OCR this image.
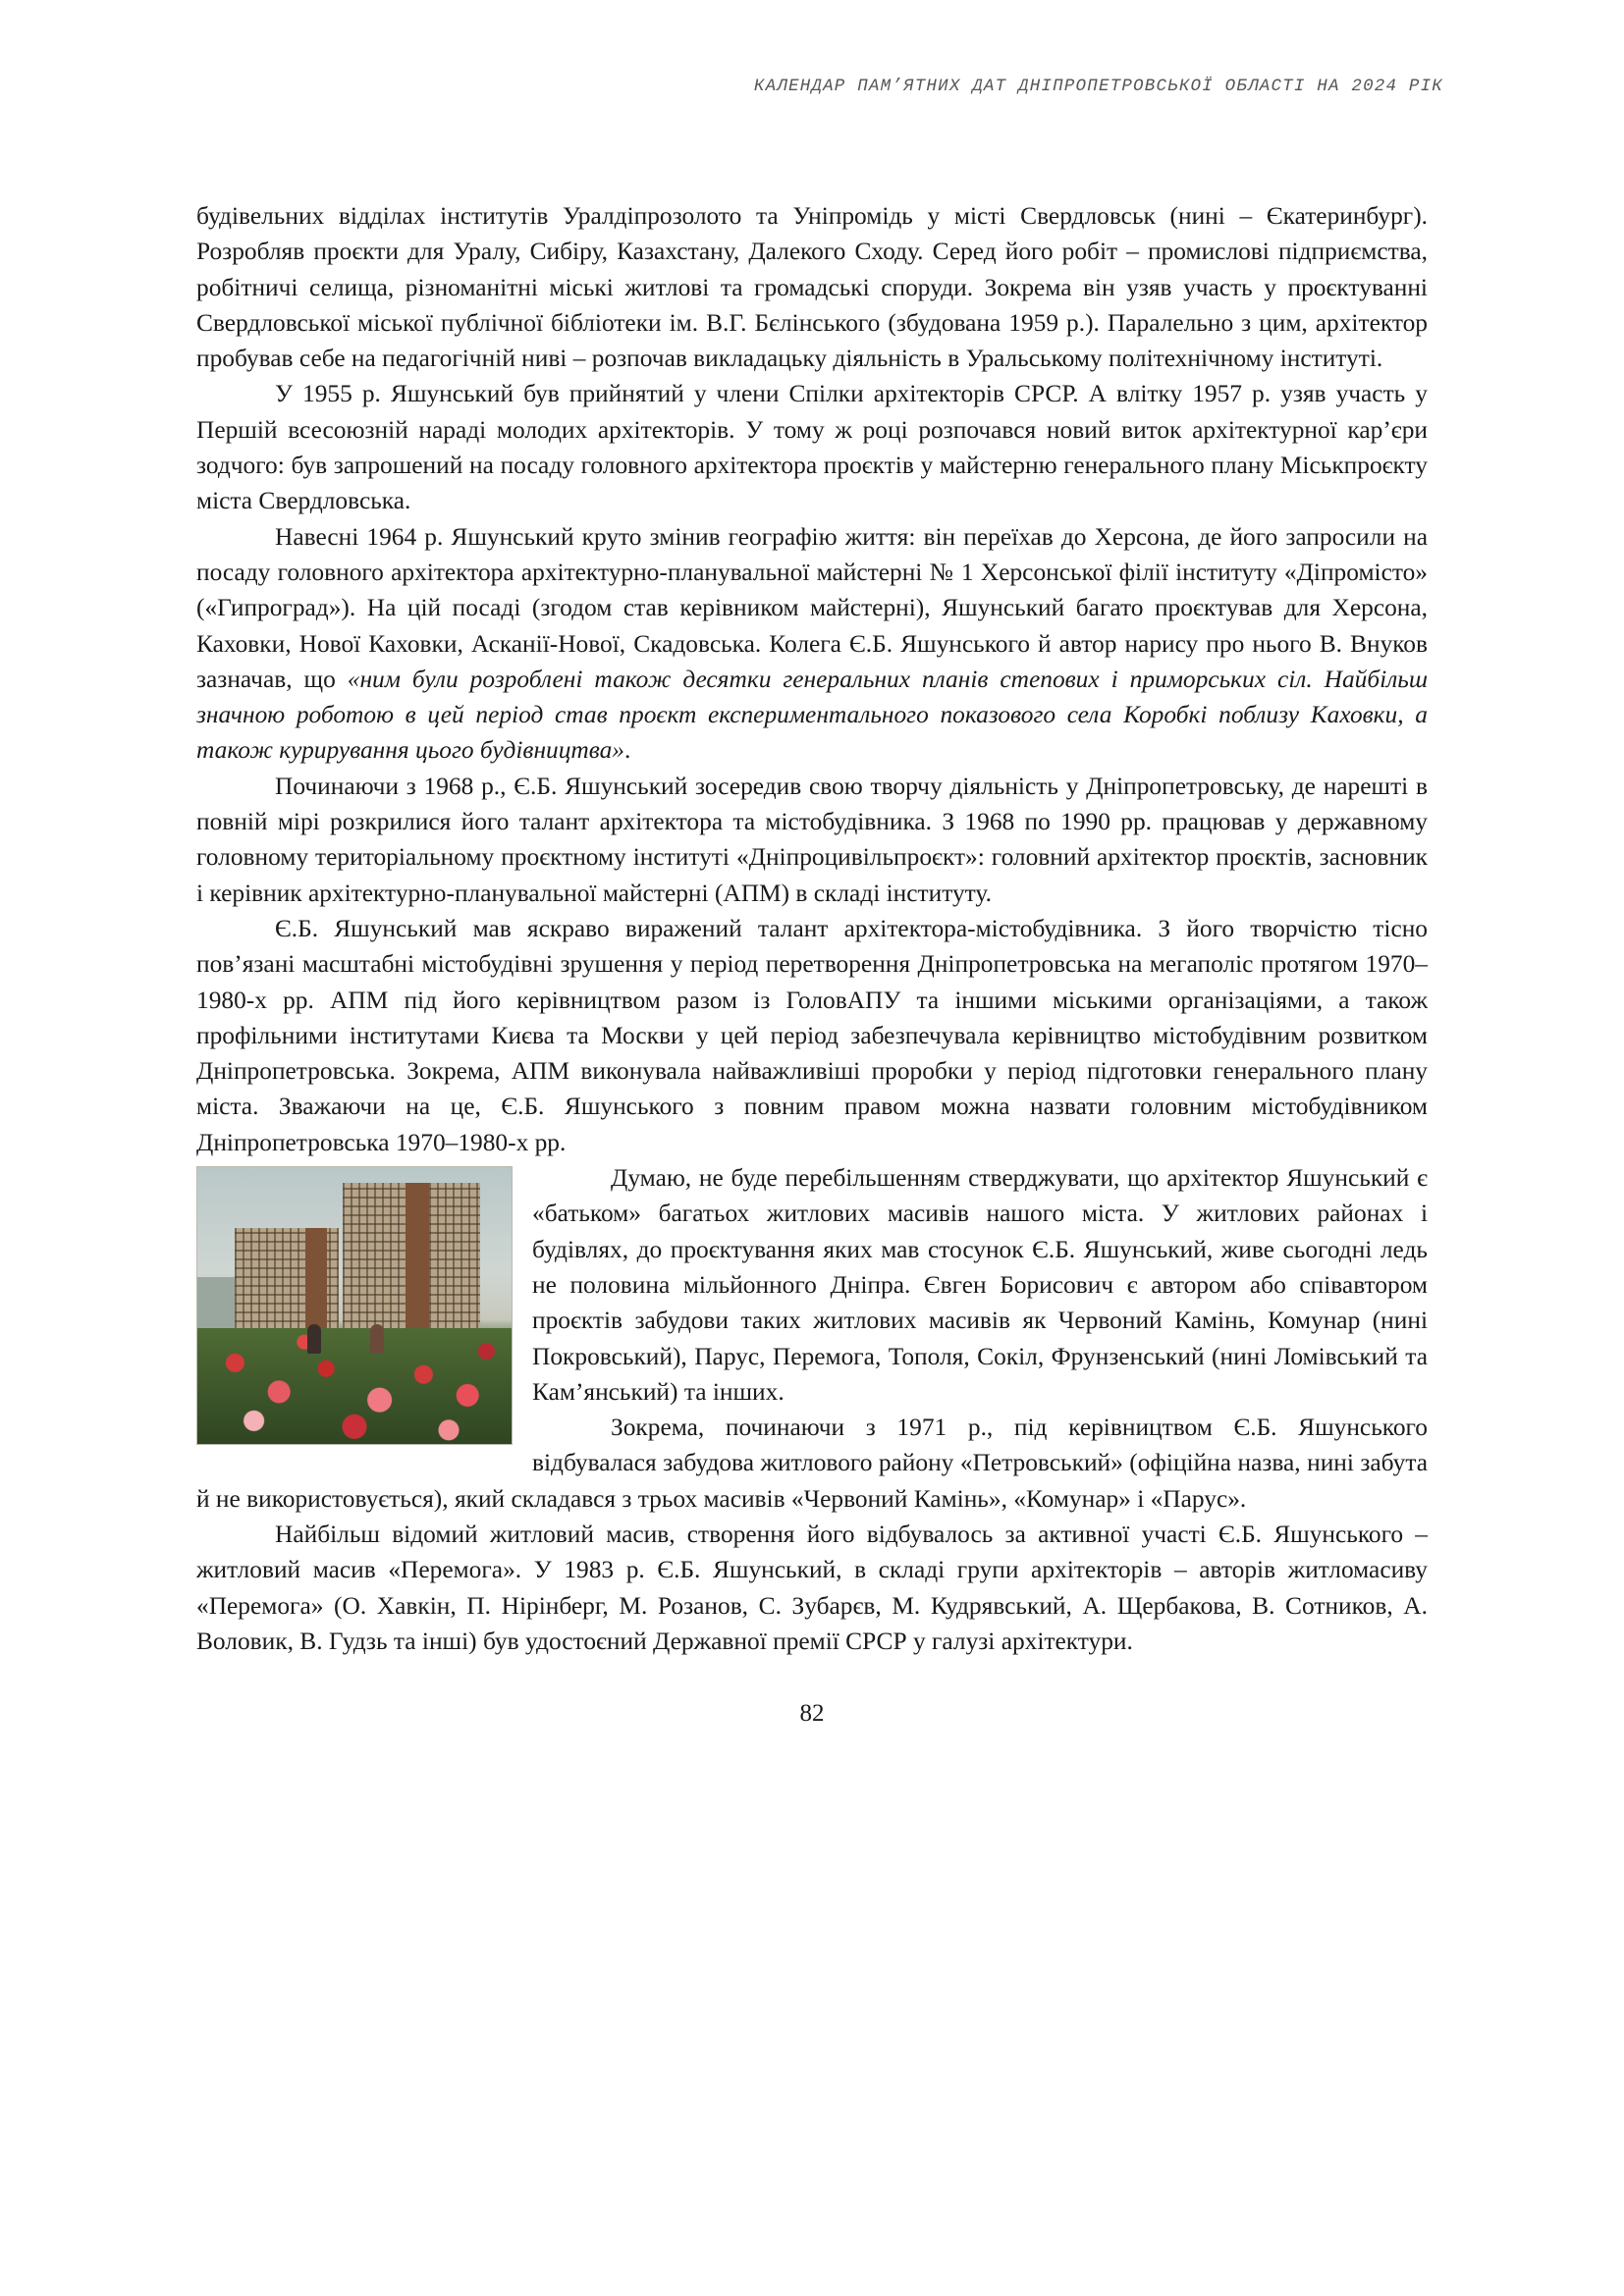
КАЛЕНДАР ПАМ’ЯТНИХ ДАТ ДНІПРОПЕТРОВСЬКОЇ ОБЛАСТІ НА 2024 РІК

будівельних відділах інститутів Уралдіпрозолото та Уніпромідь у місті Свердловськ (нині – Єкатеринбург). Розробляв проєкти для Уралу, Сибіру, Казахстану, Далекого Сходу. Серед його робіт – промислові підприємства, робітничі селища, різноманітні міські житлові та громадські споруди. Зокрема він узяв участь у проєктуванні Свердловської міської публічної бібліотеки ім. В.Г. Бєлінського (збудована 1959 р.). Паралельно з цим, архітектор пробував себе на педагогічній ниві – розпочав викладацьку діяльність в Уральському політехнічному інституті.

У 1955 р. Яшунський був прийнятий у члени Спілки архітекторів СРСР. А влітку 1957 р. узяв участь у Першій всесоюзній нараді молодих архітекторів. У тому ж році розпочався новий виток архітектурної кар’єри зодчого: був запрошений на посаду головного архітектора проєктів у майстерню генерального плану Міськпроєкту міста Свердловська.

Навесні 1964 р. Яшунський круто змінив географію життя: він переїхав до Херсона, де його запросили на посаду головного архітектора архітектурно-планувальної майстерні № 1 Херсонської філії інституту «Діпромісто» («Гипроград»). На цій посаді (згодом став керівником майстерні), Яшунський багато проєктував для Херсона, Каховки, Нової Каховки, Асканії-Нової, Скадовська. Колега Є.Б. Яшунського й автор нарису про нього В. Внуков зазначав, що «ним були розроблені також десятки генеральних планів степових і приморських сіл. Найбільш значною роботою в цей період став проєкт експериментального показового села Коробкі поблизу Каховки, а також курирування цього будівництва».

Починаючи з 1968 р., Є.Б. Яшунський зосередив свою творчу діяльність у Дніпропетровську, де нарешті в повній мірі розкрилися його талант архітектора та містобудівника. З 1968 по 1990 рр. працював у державному головному територіальному проєктному інституті «Дніпроцивільпроєкт»: головний архітектор проєктів, засновник і керівник архітектурно-планувальної майстерні (АПМ) в складі інституту.

Є.Б. Яшунський мав яскраво виражений талант архітектора-містобудівника. З його творчістю тісно пов’язані масштабні містобудівні зрушення у період перетворення Дніпропетровська на мегаполіс протягом 1970–1980-х рр. АПМ під його керівництвом разом із ГоловАПУ та іншими міськими організаціями, а також профільними інститутами Києва та Москви у цей період забезпечувала керівництво містобудівним розвитком Дніпропетровська. Зокрема, АПМ виконувала найважливіші проробки у період підготовки генерального плану міста. Зважаючи на це, Є.Б. Яшунського з повним правом можна назвати головним містобудівником Дніпропетровська 1970–1980-х рр.

Думаю, не буде перебільшенням стверджувати, що архітектор Яшунський є «батьком» багатьох житлових масивів нашого міста. У житлових районах і будівлях, до проєктування яких мав стосунок Є.Б. Яшунський, живе сьогодні ледь не половина мільйонного Дніпра. Євген Борисович є автором або співавтором проєктів забудови таких житлових масивів як Червоний Камінь, Комунар (нині Покровський), Парус, Перемога, Тополя, Сокіл, Фрунзенський (нині Ломівський та Кам’янський) та інших.

Зокрема, починаючи з 1971 р., під керівництвом Є.Б. Яшунського відбувалася забудова житлового району «Петровський» (офіційна назва, нині забута й не використовується), який складався з трьох масивів «Червоний Камінь», «Комунар» і «Парус».

Найбільш відомий житловий масив, створення його відбувалось за активної участі Є.Б. Яшунського – житловий масив «Перемога». У 1983 р. Є.Б. Яшунський, в складі групи архітекторів – авторів житломасиву «Перемога» (О. Хавкін, П. Нірінберг, М. Розанов, С. Зубарєв, М. Кудрявський, А. Щербакова, В. Сотников, А. Воловик, В. Гудзь та інші) був удостоєний Державної премії СРСР у галузі архітектури.

82
